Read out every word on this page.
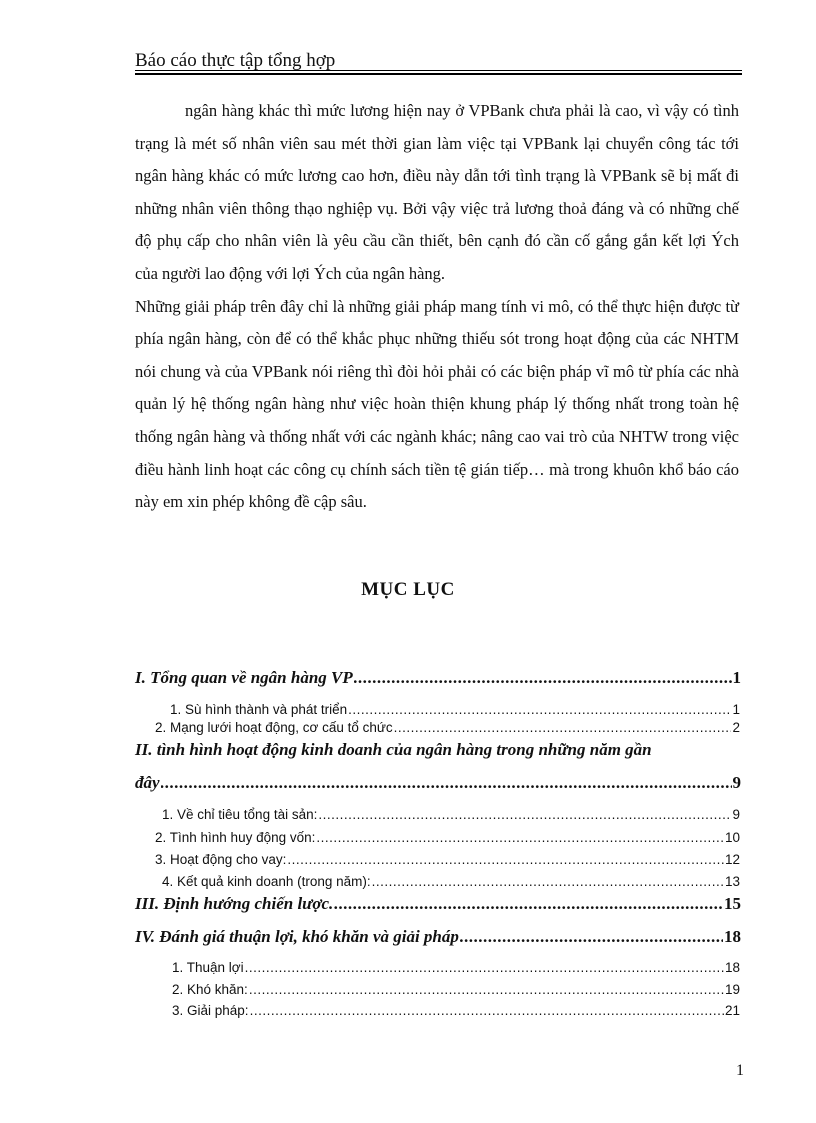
Báo cáo thực tập tổng hợp

ngân hàng khác thì mức lương hiện nay ở VPBank chưa phải là cao, vì vậy có tình trạng là mét số nhân viên sau mét thời gian làm việc tại VPBank lại chuyển công tác tới ngân hàng khác có mức lương cao hơn, điều này dẫn tới tình trạng là VPBank sẽ bị mất đi những nhân viên thông thạo nghiệp vụ. Bởi vậy việc trả lương thoả đáng và có những chế độ phụ cấp cho nhân viên là yêu cầu cần thiết, bên cạnh đó cần cố gắng gắn kết lợi Ých của người lao động với lợi Ých của ngân hàng.

Những giải pháp trên đây chỉ là những giải pháp mang tính vi mô, có thể thực hiện được từ phía ngân hàng, còn để có thể khắc phục những thiếu sót trong hoạt động của các NHTM nói chung và của VPBank nói riêng thì đòi hỏi phải có các biện pháp vĩ mô từ phía các nhà quản lý hệ thống ngân hàng như việc hoàn thiện khung pháp lý thống nhất trong toàn hệ thống ngân hàng và thống nhất với các ngành khác; nâng cao vai trò của NHTW trong việc điều hành linh hoạt các công cụ chính sách tiền tệ gián tiếp… mà trong khuôn khổ báo cáo này em xin phép không đề cập sâu.

MỤC LỤC
I. Tổng quan về ngân hàng VP .....	1
1. Sù hình thành và phát triển .....	1
2. Mạng lưới hoạt động, cơ cấu tổ chức .....	2
II. tình hình hoạt động kinh doanh của ngân hàng trong những năm gần
đây .....	9
1. Về chỉ tiêu tổng tài sản: .....	9
2. Tình hình huy động vốn: .....	10
3. Hoạt động cho vay: .....	12
4. Kết quả kinh doanh (trong năm): .....	13
III. Định hướng chiến lược. .....	15
IV. Đánh giá thuận lợi, khó khăn và giải pháp .....	18
1. Thuận lợi .....	18
2. Khó khăn: .....	19
3. Giải pháp: .....	21
1
